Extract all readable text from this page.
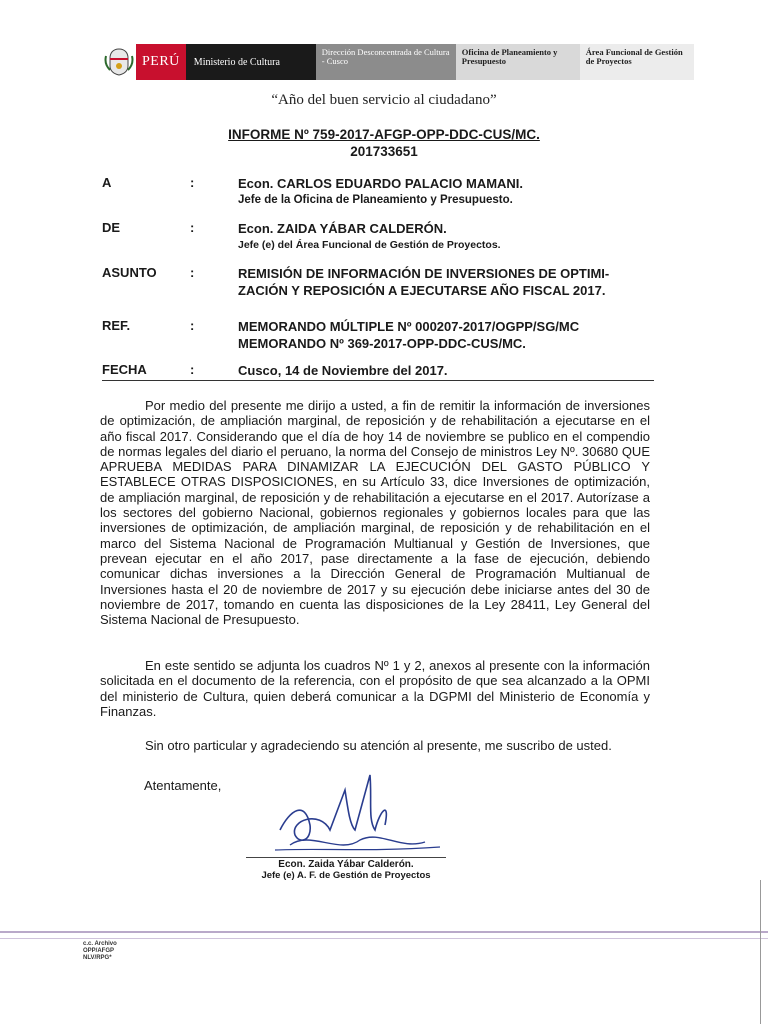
PERÚ	Ministerio de Cultura
Dirección Desconcentrada de Cultura - Cusco
Oficina de Planeamiento y Presupuesto
Área Funcional de Gestión de Proyectos
“Año del buen servicio al ciudadano”
INFORME Nº 759-2017-AFGP-OPP-DDC-CUS/MC.
201733651
A	:	Econ. CARLOS EDUARDO PALACIO MAMANI.
Jefe de la Oficina de Planeamiento y Presupuesto.
DE	:	Econ. ZAIDA YÁBAR CALDERÓN.
Jefe (e) del Área Funcional de Gestión de Proyectos.
ASUNTO	:	REMISIÓN DE INFORMACIÓN DE INVERSIONES DE OPTIMI-
ZACIÓN Y REPOSICIÓN A EJECUTARSE AÑO FISCAL 2017.
REF.	:	MEMORANDO MÚLTIPLE Nº 000207-2017/OGPP/SG/MC
MEMORANDO Nº 369-2017-OPP-DDC-CUS/MC.
FECHA	:	Cusco, 14 de Noviembre del 2017.
Por medio del presente me dirijo a usted, a fin de remitir la información de inversiones de optimización, de ampliación marginal, de reposición y de rehabilitación a ejecutarse en el año fiscal 2017. Considerando que el día de hoy 14 de noviembre se publico en el compendio de normas legales del diario el peruano, la norma del Consejo de ministros Ley Nº. 30680 QUE APRUEBA MEDIDAS PARA DINAMIZAR LA EJECUCIÓN DEL GASTO PÚBLICO Y ESTABLECE OTRAS DISPOSICIONES, en su Artículo 33, dice Inversiones de optimización, de ampliación marginal, de reposición y de rehabilitación a ejecutarse en el 2017. Autorízase a los sectores del gobierno Nacional, gobiernos regionales y gobiernos locales para que las inversiones de optimización, de ampliación marginal, de reposición y de rehabilitación en el marco del Sistema Nacional de Programación Multianual y Gestión de Inversiones, que prevean ejecutar en el año 2017, pase directamente a la fase de ejecución, debiendo comunicar dichas inversiones a la Dirección General de Programación Multianual de Inversiones hasta el 20 de noviembre de 2017 y su ejecución debe iniciarse antes del 30 de noviembre de 2017, tomando en cuenta las disposiciones de la Ley 28411, Ley General del Sistema Nacional de Presupuesto.
En este sentido se adjunta los cuadros Nº 1 y 2, anexos al presente con la información solicitada en el documento de la referencia, con el propósito de que sea alcanzado a la OPMI del ministerio de Cultura, quien deberá comunicar a la DGPMI del Ministerio de Economía y Finanzas.
Sin otro particular y agradeciendo su atención al presente, me suscribo de usted.
Atentamente,
Econ. Zaida Yábar Calderón.
Jefe (e) A. F. de Gestión de Proyectos
c.c. Archivo
OPP/AFGP
NLV/RPG*
